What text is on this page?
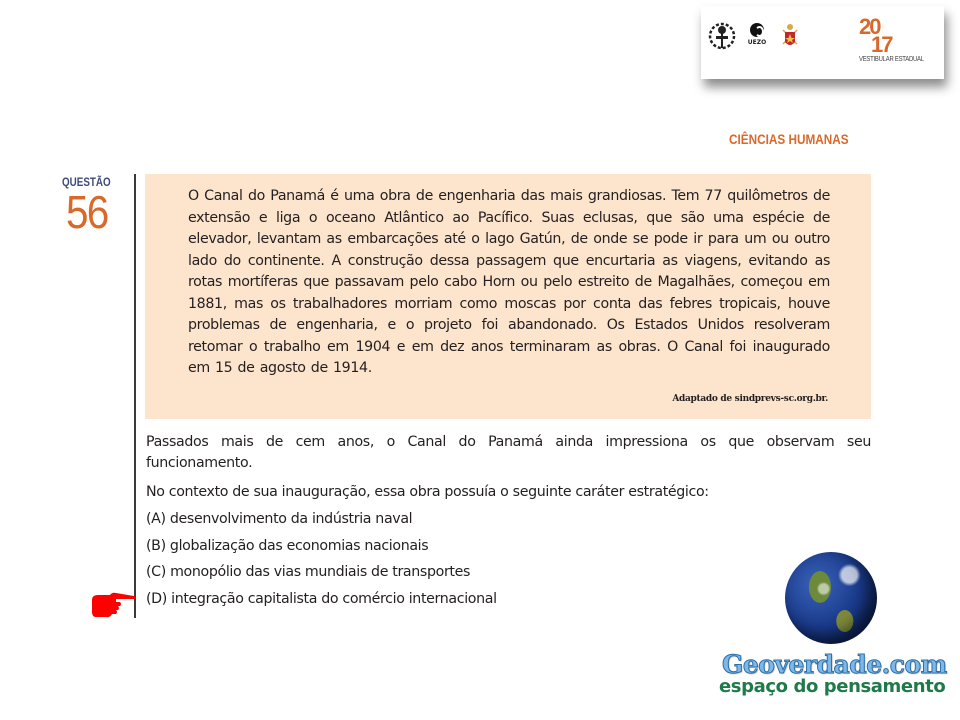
UEZO
20
17
VESTIBULAR ESTADUAL
CIÊNCIAS HUMANAS
QUESTÃO
56	O Canal do Panamá é uma obra de engenharia das mais grandiosas. Tem 77 quilômetros de extensão e liga o oceano Atlântico ao Pacífico. Suas eclusas, que são uma espécie de elevador, levantam as embarcações até o lago Gatún, de onde se pode ir para um ou outro lado do continente. A construção dessa passagem que encurtaria as viagens, evitando as rotas mortíferas que passavam pelo cabo Horn ou pelo estreito de Magalhães, começou em 1881, mas os trabalhadores morriam como moscas por conta das febres tropicais, houve problemas de engenharia, e o projeto foi abandonado. Os Estados Unidos resolveram retomar o trabalho em 1904 e em dez anos terminaram as obras. O Canal foi inaugurado em 15 de agosto de 1914.

Adaptado de sindprevs-sc.org.br.
Passados mais de cem anos, o Canal do Panamá ainda impressiona os que observam seu funcionamento.
No contexto de sua inauguração, essa obra possuía o seguinte caráter estratégico:
(A) desenvolvimento da indústria naval
(B) globalização das economias nacionais
(C) monopólio das vias mundiais de transportes
(D) integração capitalista do comércio internacional
Geoverdade.com
espaço do pensamento
